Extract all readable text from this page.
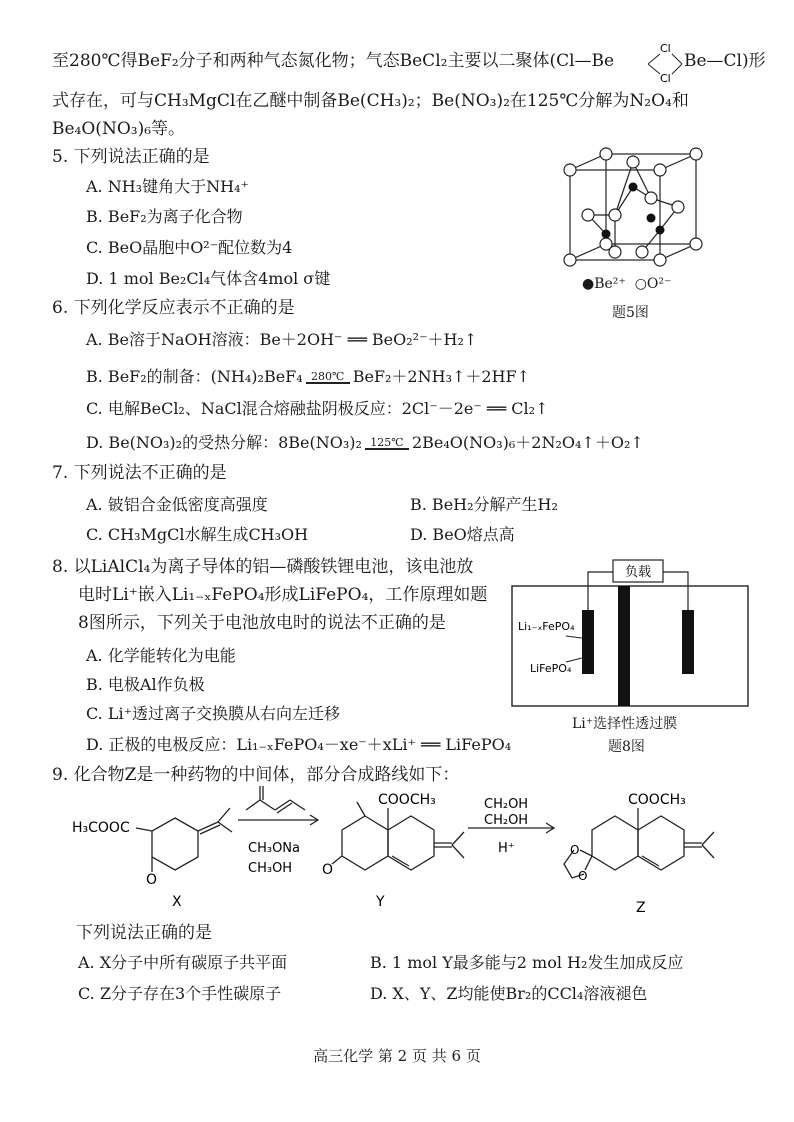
至280℃得BeF₂分子和两种气态氮化物；气态BeCl₂主要以二聚体(Cl—Be
Cl
Cl
Be—Cl)形
式存在，可与CH₃MgCl在乙醚中制备Be(CH₃)₂；Be(NO₃)₂在125℃分解为N₂O₄和
Be₄O(NO₃)₆等。
5. 下列说法正确的是
A. NH₃键角大于NH₄⁺
B. BeF₂为离子化合物
C. BeO晶胞中O²⁻配位数为4
D. 1 mol Be₂Cl₄气体含4mol σ键	●Be²⁺ ○O²⁻
题5图
6. 下列化学反应表示不正确的是
A. Be溶于NaOH溶液：Be＋2OH⁻ ══ BeO₂²⁻＋H₂↑
B. BeF₂的制备：(NH₄)₂BeF₄ 280℃ BeF₂＋2NH₃↑＋2HF↑
C. 电解BeCl₂、NaCl混合熔融盐阴极反应：2Cl⁻－2e⁻ ══ Cl₂↑
D. Be(NO₃)₂的受热分解：8Be(NO₃)₂ 125℃ 2Be₄O(NO₃)₆＋2N₂O₄↑＋O₂↑
7. 下列说法不正确的是
A. 铍铝合金低密度高强度	B. BeH₂分解产生H₂
C. CH₃MgCl水解生成CH₃OH	D. BeO熔点高
8. 以LiAlCl₄为离子导体的铝—磷酸铁锂电池，该电池放
电时Li⁺嵌入Li₁₋ₓFePO₄形成LiFePO₄，工作原理如题
8图所示，下列关于电池放电时的说法不正确的是
A. 化学能转化为电能
B. 电极Al作负极
C. Li⁺透过离子交换膜从右向左迁移
D. 正极的电极反应：Li₁₋ₓFePO₄－xe⁻＋xLi⁺ ══ LiFePO₄
负载
Li₁₋ₓFePO₄
LiFePO₄
Li⁺选择性透过膜
题8图
9. 化合物Z是一种药物的中间体，部分合成路线如下：
H₃COOC
O
CH₃ONa
CH₃OH
COOCH₃
O
CH₂OH
CH₂OH
H⁺
COOCH₃
O
O
X	Y	Z
下列说法正确的是
A. X分子中所有碳原子共平面	B. 1 mol Y最多能与2 mol H₂发生加成反应
C. Z分子存在3个手性碳原子	D. X、Y、Z均能使Br₂的CCl₄溶液褪色
高三化学 第 2 页 共 6 页
